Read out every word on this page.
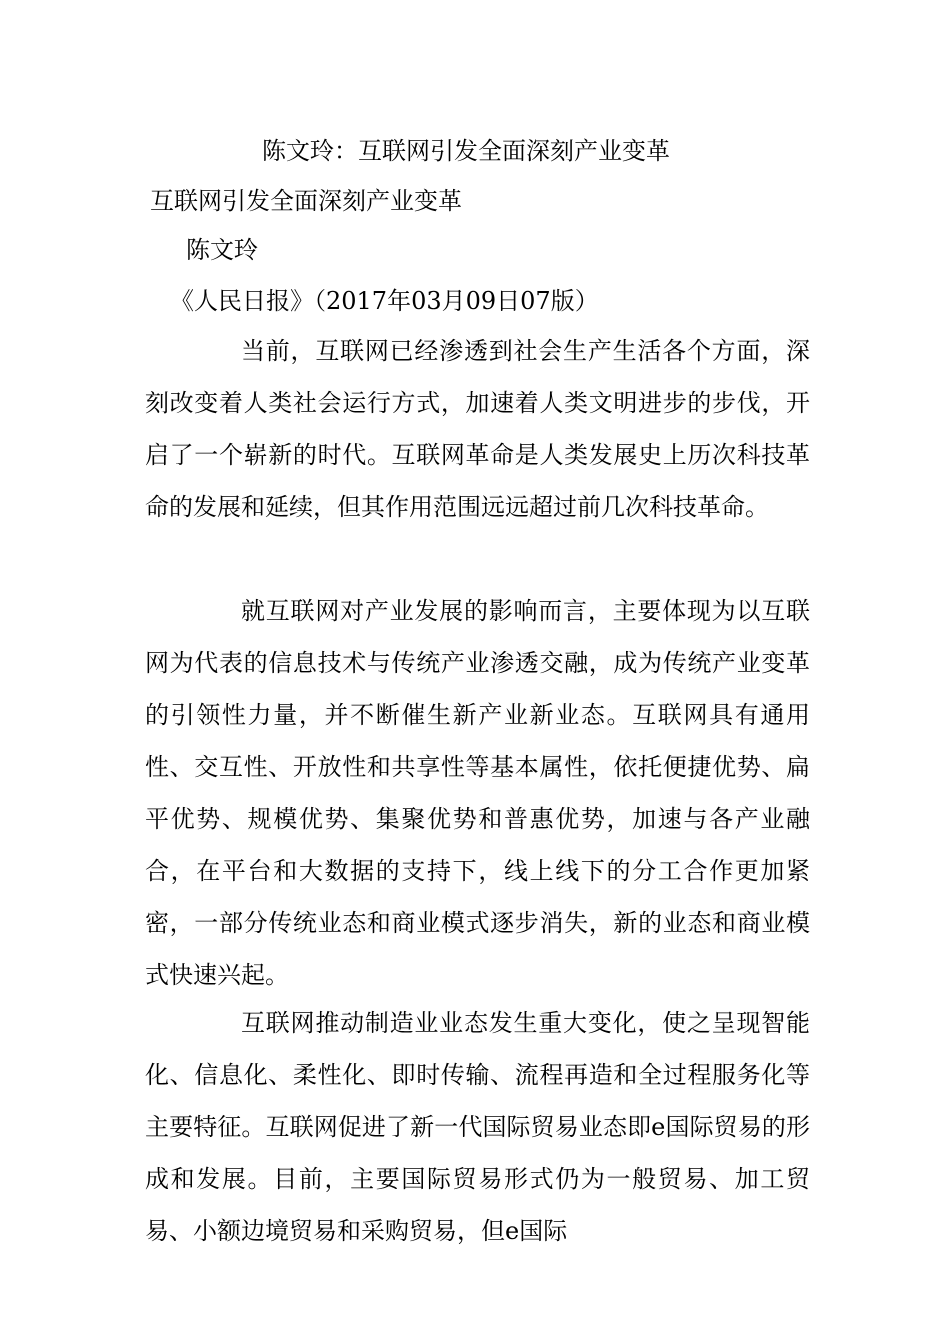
陈文玲：互联网引发全面深刻产业变革
互联网引发全面深刻产业变革
陈文玲
《人民日报》（2017年03月09日07版）

当前，互联网已经渗透到社会生产生活各个方面，深刻改变着人类社会运行方式，加速着人类文明进步的步伐，开启了一个崭新的时代。互联网革命是人类发展史上历次科技革命的发展和延续，但其作用范围远远超过前几次科技革命。

就互联网对产业发展的影响而言，主要体现为以互联网为代表的信息技术与传统产业渗透交融，成为传统产业变革的引领性力量，并不断催生新产业新业态。互联网具有通用性、交互性、开放性和共享性等基本属性，依托便捷优势、扁平优势、规模优势、集聚优势和普惠优势，加速与各产业融合，在平台和大数据的支持下，线上线下的分工合作更加紧密，一部分传统业态和商业模式逐步消失，新的业态和商业模式快速兴起。

互联网推动制造业业态发生重大变化，使之呈现智能化、信息化、柔性化、即时传输、流程再造和全过程服务化等主要特征。互联网促进了新一代国际贸易业态即e国际贸易的形成和发展。目前，主要国际贸易形式仍为一般贸易、加工贸易、小额边境贸易和采购贸易，但e国际
